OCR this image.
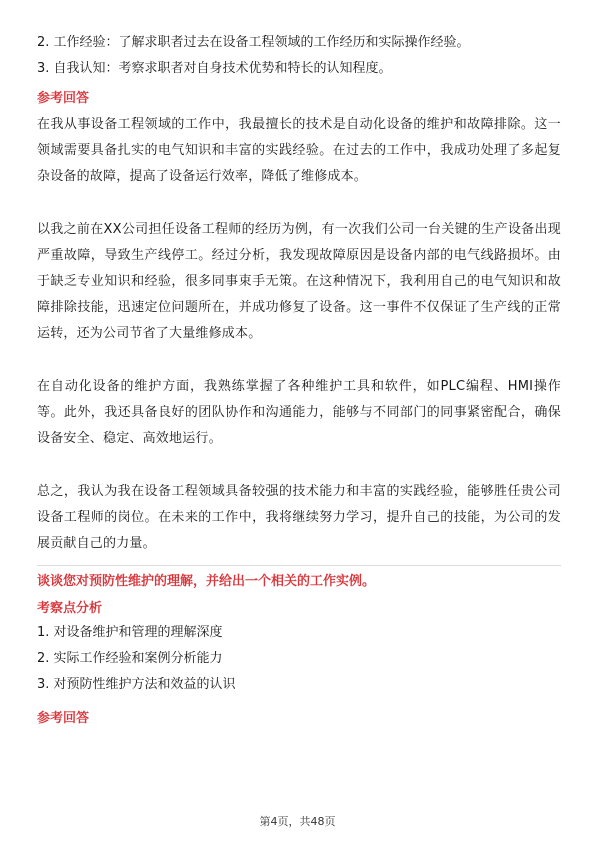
2. 工作经验：了解求职者过去在设备工程领域的工作经历和实际操作经验。
3. 自我认知：考察求职者对自身技术优势和特长的认知程度。
参考回答

在我从事设备工程领域的工作中，我最擅长的技术是自动化设备的维护和故障排除。这一领域需要具备扎实的电气知识和丰富的实践经验。在过去的工作中，我成功处理了多起复杂设备的故障，提高了设备运行效率，降低了维修成本。

以我之前在XX公司担任设备工程师的经历为例，有一次我们公司一台关键的生产设备出现严重故障，导致生产线停工。经过分析，我发现故障原因是设备内部的电气线路损坏。由于缺乏专业知识和经验，很多同事束手无策。在这种情况下，我利用自己的电气知识和故障排除技能，迅速定位问题所在，并成功修复了设备。这一事件不仅保证了生产线的正常运转，还为公司节省了大量维修成本。

在自动化设备的维护方面，我熟练掌握了各种维护工具和软件，如PLC编程、HMI操作等。此外，我还具备良好的团队协作和沟通能力，能够与不同部门的同事紧密配合，确保设备安全、稳定、高效地运行。

总之，我认为我在设备工程领域具备较强的技术能力和丰富的实践经验，能够胜任贵公司设备工程师的岗位。在未来的工作中，我将继续努力学习，提升自己的技能，为公司的发展贡献自己的力量。

谈谈您对预防性维护的理解，并给出一个相关的工作实例。
考察点分析
1. 对设备维护和管理的理解深度
2. 实际工作经验和案例分析能力
3. 对预防性维护方法和效益的认识
参考回答
第4页，共48页
